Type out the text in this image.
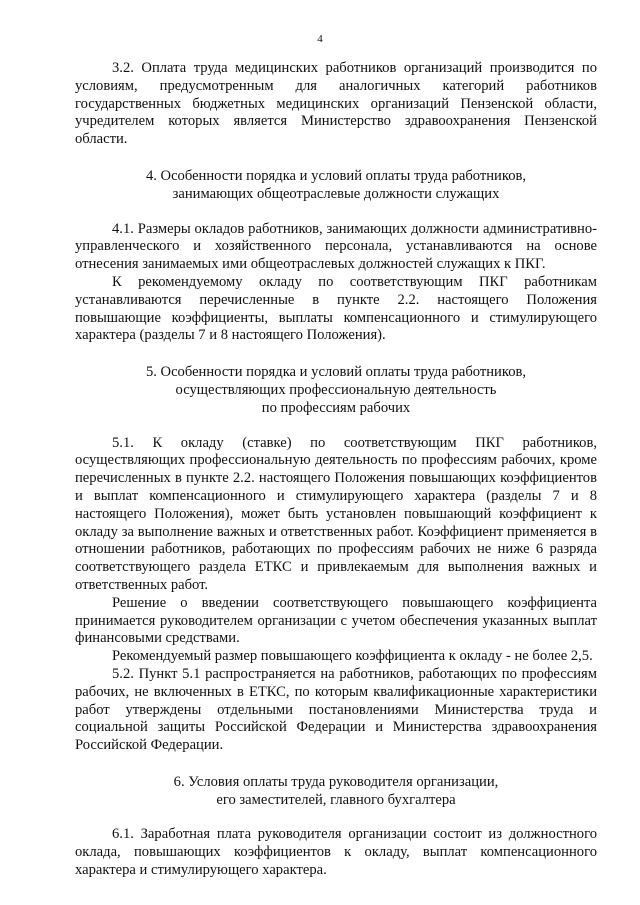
4

3.2. Оплата труда медицинских работников организаций производится по условиям, предусмотренным для аналогичных категорий работников государственных бюджетных медицинских организаций Пензенской области, учредителем которых является Министерство здравоохранения Пензенской области.

4. Особенности порядка и условий оплаты труда работников,
занимающих общеотраслевые должности служащих

4.1. Размеры окладов работников, занимающих должности административно-управленческого и хозяйственного персонала, устанавливаются на основе отнесения занимаемых ими общеотраслевых должностей служащих к ПКГ.

К рекомендуемому окладу по соответствующим ПКГ работникам устанавливаются перечисленные в пункте 2.2. настоящего Положения повышающие коэффициенты, выплаты компенсационного и стимулирующего характера (разделы 7 и 8 настоящего Положения).

5. Особенности порядка и условий оплаты труда работников,
осуществляющих профессиональную деятельность
по профессиям рабочих

5.1. К окладу (ставке) по соответствующим ПКГ работников, осуществляющих профессиональную деятельность по профессиям рабочих, кроме перечисленных в пункте 2.2. настоящего Положения повышающих коэффициентов и выплат компенсационного и стимулирующего характера (разделы 7 и 8 настоящего Положения), может быть установлен повышающий коэффициент к окладу за выполнение важных и ответственных работ. Коэффициент применяется в отношении работников, работающих по профессиям рабочих не ниже 6 разряда соответствующего раздела ЕТКС и привлекаемым для выполнения важных и ответственных работ.

Решение о введении соответствующего повышающего коэффициента принимается руководителем организации с учетом обеспечения указанных выплат финансовыми средствами.

Рекомендуемый размер повышающего коэффициента к окладу - не более 2,5.

5.2. Пункт 5.1 распространяется на работников, работающих по профессиям рабочих, не включенных в ЕТКС, по которым квалификационные характеристики работ утверждены отдельными постановлениями Министерства труда и социальной защиты Российской Федерации и Министерства здравоохранения Российской Федерации.

6. Условия оплаты труда руководителя организации,
его заместителей, главного бухгалтера

6.1. Заработная плата руководителя организации состоит из должностного оклада, повышающих коэффициентов к окладу, выплат компенсационного характера и стимулирующего характера.
